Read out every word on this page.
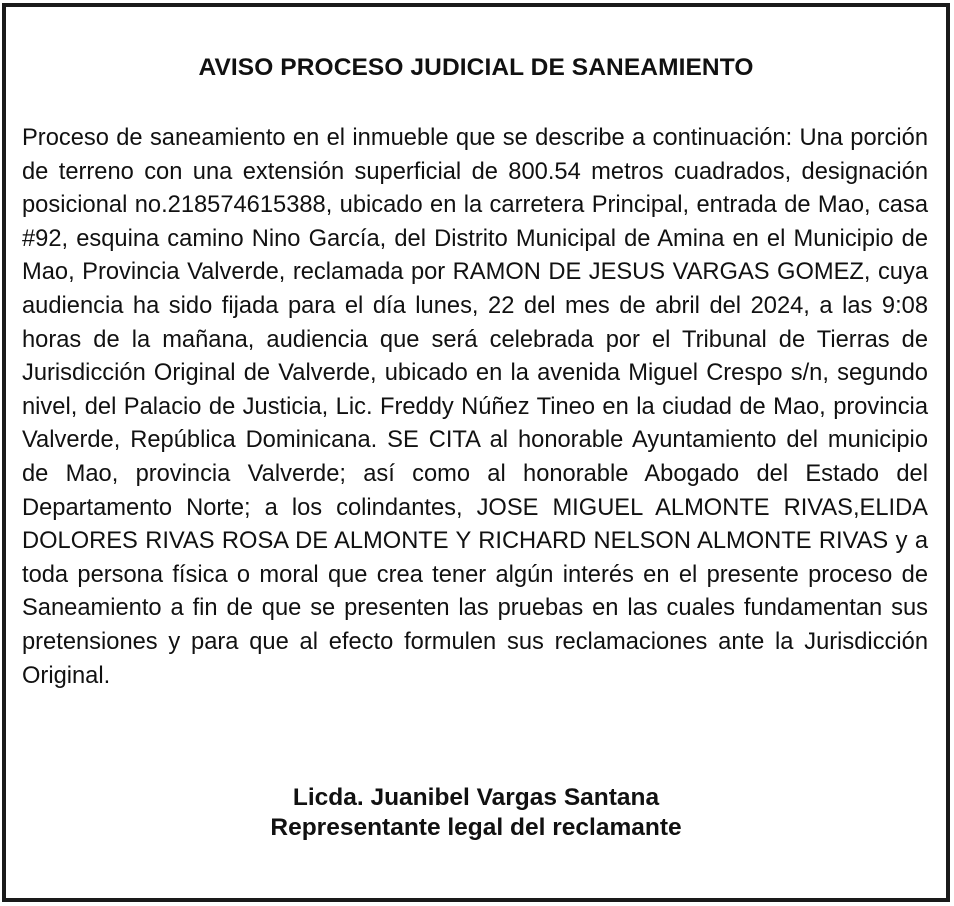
AVISO PROCESO JUDICIAL DE SANEAMIENTO

Proceso de saneamiento en el inmueble que se describe a continuación: Una porción de terreno con una extensión superficial de 800.54 metros cuadrados, designación posicional no.218574615388, ubicado en la carretera Principal, entrada de Mao, casa #92, esquina camino Nino García, del Distrito Municipal de Amina en el Municipio de Mao, Provincia Valverde, reclamada por RAMON DE JESUS VARGAS GOMEZ, cuya audiencia ha sido fijada para el día lunes, 22 del mes de abril del 2024, a las 9:08 horas de la mañana, audiencia que será celebrada por el Tribunal de Tierras de Jurisdicción Original de Valverde, ubicado en la avenida Miguel Crespo s/n, segundo nivel, del Palacio de Justicia, Lic. Freddy Núñez Tineo en la ciudad de Mao, provincia Valverde, República Dominicana. SE CITA al honorable Ayuntamiento del municipio de Mao, provincia Valverde; así como al honorable Abogado del Estado del Departamento Norte; a los colindantes, JOSE MIGUEL ALMONTE RIVAS,ELIDA DOLORES RIVAS ROSA DE ALMONTE Y RICHARD NELSON ALMONTE RIVAS y a toda persona física o moral que crea tener algún interés en el presente proceso de Saneamiento a fin de que se presenten las pruebas en las cuales fundamentan sus pretensiones y para que al efecto formulen sus reclamaciones ante la Jurisdicción Original.

Licda. Juanibel Vargas Santana
Representante legal del reclamante
